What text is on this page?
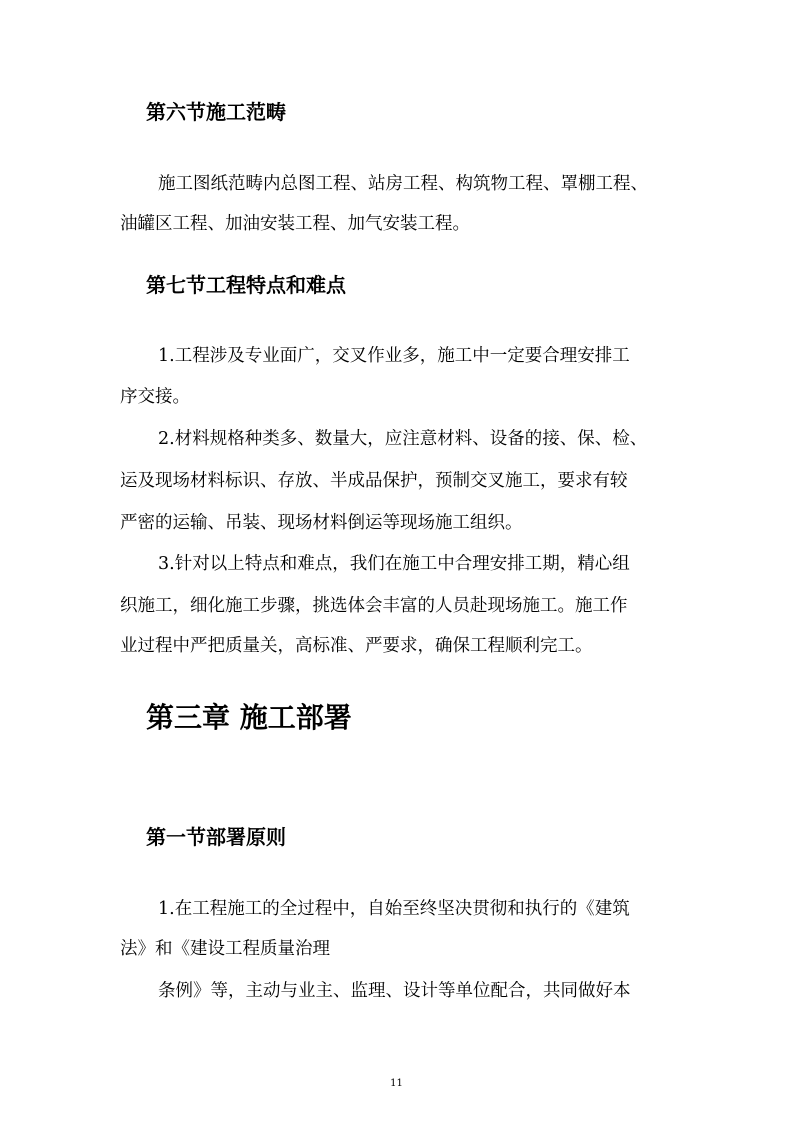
第六节施工范畴
施工图纸范畴内总图工程、站房工程、构筑物工程、罩棚工程、
油罐区工程、加油安装工程、加气安装工程。
第七节工程特点和难点
1.工程涉及专业面广，交叉作业多，施工中一定要合理安排工
序交接。
2.材料规格种类多、数量大，应注意材料、设备的接、保、检、
运及现场材料标识、存放、半成品保护，预制交叉施工，要求有较
严密的运输、吊装、现场材料倒运等现场施工组织。
3.针对以上特点和难点，我们在施工中合理安排工期，精心组
织施工，细化施工步骤，挑选体会丰富的人员赴现场施工。施工作
业过程中严把质量关，高标准、严要求，确保工程顺利完工。
第三章 施工部署
第一节部署原则
1.在工程施工的全过程中，自始至终坚决贯彻和执行的《建筑
法》和《建设工程质量治理
条例》等，主动与业主、监理、设计等单位配合，共同做好本
11
